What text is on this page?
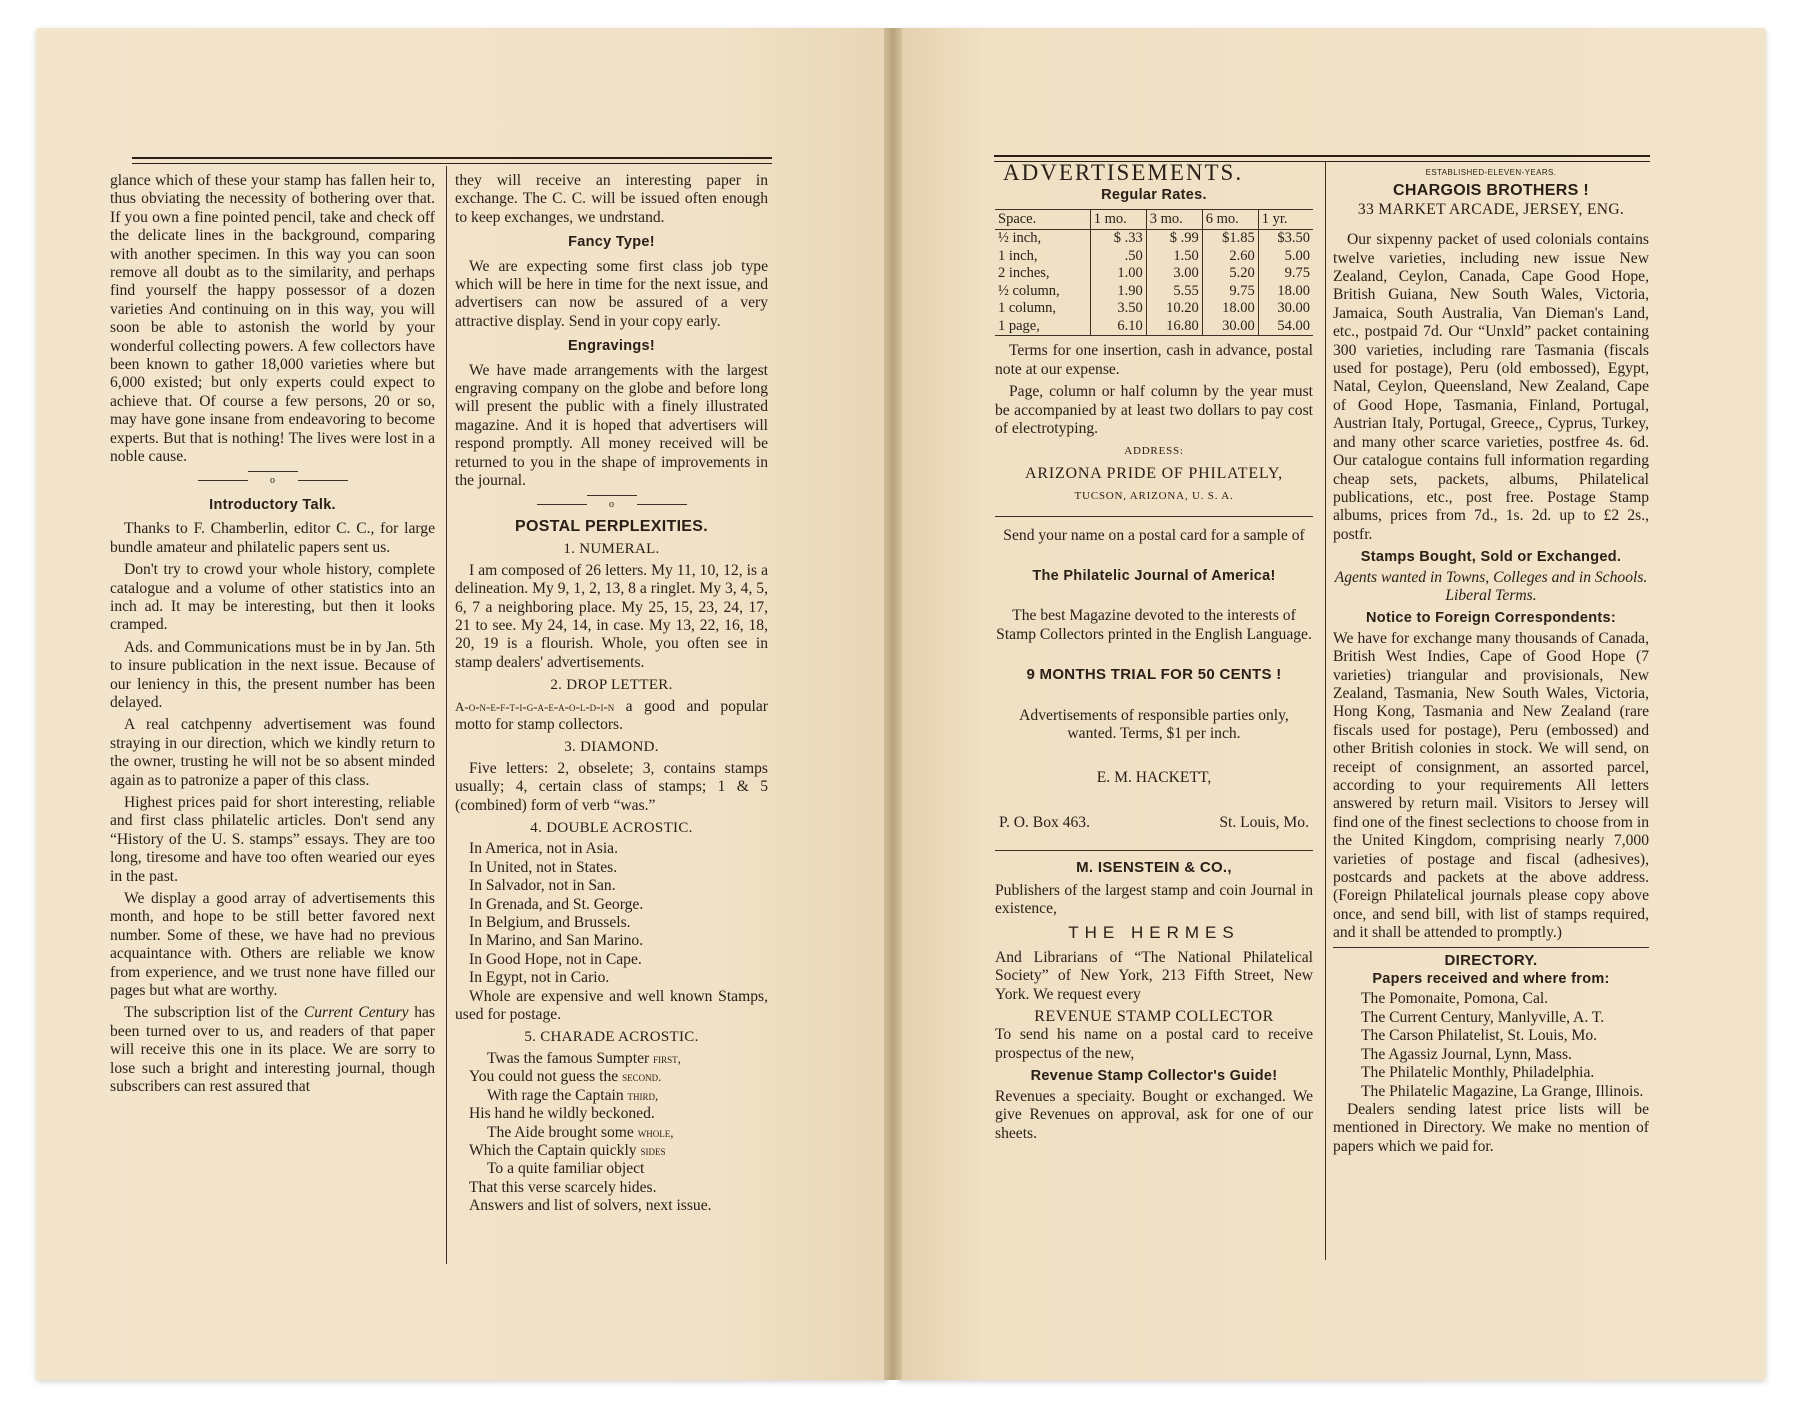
glance which of these your stamp has fallen heir to, thus obviating the necessity of bothering over that. If you own a fine pointed pencil, take and check off the delicate lines in the background, comparing with another specimen. In this way you can soon remove all doubt as to the similarity, and perhaps find yourself the happy possessor of a dozen varieties And continuing on in this way, you will soon be able to astonish the world by your wonderful collecting powers. A few collectors have been known to gather 18,000 varieties where but 6,000 existed; but only experts could expect to achieve that. Of course a few persons, 20 or so, may have gone insane from endeavoring to become experts. But that is nothing! The lives were lost in a noble cause.

o
Introductory Talk.

Thanks to F. Chamberlin, editor C. C., for large bundle amateur and philatelic papers sent us.

Don't try to crowd your whole history, complete catalogue and a volume of other statistics into an inch ad. It may be interesting, but then it looks cramped.

Ads. and Communications must be in by Jan. 5th to insure publication in the next issue. Because of our leniency in this, the present number has been delayed.

A real catchpenny advertisement was found straying in our direction, which we kindly return to the owner, trusting he will not be so absent minded again as to patronize a paper of this class.

Highest prices paid for short interesting, reliable and first class philatelic articles. Don't send any “History of the U. S. stamps” essays. They are too long, tiresome and have too often wearied our eyes in the past.

We display a good array of advertisements this month, and hope to be still better favored next number. Some of these, we have had no previous acquaintance with. Others are reliable we know from experience, and we trust none have filled our pages but what are worthy.

The subscription list of the Current Century has been turned over to us, and readers of that paper will receive this one in its place. We are sorry to lose such a bright and interesting journal, though subscribers can rest assured that

they will receive an interesting paper in exchange. The C. C. will be issued often enough to keep exchanges, we undrstand.

Fancy Type!

We are expecting some first class job type which will be here in time for the next issue, and advertisers can now be assured of a very attractive display. Send in your copy early.

Engravings!

We have made arrangements with the largest engraving company on the globe and before long will present the public with a finely illustrated magazine. And it is hoped that advertisers will respond promptly. All money received will be returned to you in the shape of improvements in the journal.

o
POSTAL PERPLEXITIES.
1. NUMERAL.

I am composed of 26 letters. My 11, 10, 12, is a delineation. My 9, 1, 2, 13, 8 a ringlet. My 3, 4, 5, 6, 7 a neighboring place. My 25, 15, 23, 24, 17, 21 to see. My 24, 14, in case. My 13, 22, 16, 18, 20, 19 is a flourish. Whole, you often see in stamp dealers' advertisements.

2. DROP LETTER.

A-o-n-e-f-t-i-g-a-e-a-o-l-d-i-n a good and popular motto for stamp collectors.

3. DIAMOND.

Five letters: 2, obselete; 3, contains stamps usually; 4, certain class of stamps; 1 & 5 (combined) form of verb “was.”

4. DOUBLE ACROSTIC.
In America, not in Asia.
In United, not in States.
In Salvador, not in San.
In Grenada, and St. George.
In Belgium, and Brussels.
In Marino, and San Marino.
In Good Hope, not in Cape.
In Egypt, not in Cario.

Whole are expensive and well known Stamps, used for postage.

5. CHARADE ACROSTIC.
Twas the famous Sumpter first,
You could not guess the second.
With rage the Captain third,
His hand he wildly beckoned.
The Aide brought some whole,
Which the Captain quickly sides
To a quite familiar object
That this verse scarcely hides.

Answers and list of solvers, next issue.

ADVERTISEMENTS.
Regular Rates.
Space.	1 mo.	3 mo.	6 mo.	1 yr.
½ inch,	$ .33	$ .99	$1.85	$3.50
1 inch,	.50	1.50	2.60	5.00
2 inches,	1.00	3.00	5.20	9.75
½ column,	1.90	5.55	9.75	18.00
1 column,	3.50	10.20	18.00	30.00
1 page,	6.10	16.80	30.00	54.00

Terms for one insertion, cash in advance, postal note at our expense.

Page, column or half column by the year must be accompanied by at least two dollars to pay cost of electrotyping.

ADDRESS:
ARIZONA PRIDE OF PHILATELY,
TUCSON, ARIZONA, U. S. A.
Send your name on a postal card for a sample of
The Philatelic Journal of America!
The best Magazine devoted to the interests of Stamp Collectors printed in the English Language.
9 MONTHS TRIAL FOR 50 CENTS !
Advertisements of responsible parties only, wanted. Terms, $1 per inch.
E. M. HACKETT,
P. O. Box 463.	St. Louis, Mo.
M. ISENSTEIN & CO.,

Publishers of the largest stamp and coin Journal in existence,

THE HERMES

And Librarians of “The National Philatelical Society” of New York, 213 Fifth Street, New York. We request every

REVENUE STAMP COLLECTOR

To send his name on a postal card to receive prospectus of the new,

Revenue Stamp Collector's Guide!

Revenues a speciaity. Bought or exchanged. We give Revenues on approval, ask for one of our sheets.

ESTABLISHED-ELEVEN-YEARS.
CHARGOIS BROTHERS !
33 MARKET ARCADE, JERSEY, ENG.

Our sixpenny packet of used colonials contains twelve varieties, including new issue New Zealand, Ceylon, Canada, Cape Good Hope, British Guiana, New South Wales, Victoria, Jamaica, South Australia, Van Dieman's Land, etc., postpaid 7d. Our “Unxld” packet containing 300 varieties, including rare Tasmania (fiscals used for postage), Peru (old embossed), Egypt, Natal, Ceylon, Queensland, New Zealand, Cape of Good Hope, Tasmania, Finland, Portugal, Austrian Italy, Portugal, Greece,, Cyprus, Turkey, and many other scarce varieties, postfree 4s. 6d. Our catalogue contains full information regarding cheap sets, packets, albums, Philatelical publications, etc., post free. Postage Stamp albums, prices from 7d., 1s. 2d. up to £2 2s., postfr.

Stamps Bought, Sold or Exchanged.
Agents wanted in Towns, Colleges and in Schools. Liberal Terms.
Notice to Foreign Correspondents:

We have for exchange many thousands of Canada, British West Indies, Cape of Good Hope (7 varieties) triangular and provisionals, New Zealand, Tasmania, New South Wales, Victoria, Hong Kong, Tasmania and New Zealand (rare fiscals used for postage), Peru (embossed) and other British colonies in stock. We will send, on receipt of consignment, an assorted parcel, according to your requirements All letters answered by return mail. Visitors to Jersey will find one of the finest seclections to choose from in the United Kingdom, comprising nearly 7,000 varieties of postage and fiscal (adhesives), postcards and packets at the above address. (Foreign Philatelical journals please copy above once, and send bill, with list of stamps required, and it shall be attended to promptly.)

DIRECTORY.
Papers received and where from:
The Pomonaite, Pomona, Cal.
The Current Century, Manlyville, A. T.
The Carson Philatelist, St. Louis, Mo.
The Agassiz Journal, Lynn, Mass.
The Philatelic Monthly, Philadelphia.
The Philatelic Magazine, La Grange, Illinois.

Dealers sending latest price lists will be mentioned in Directory. We make no mention of papers which we paid for.
